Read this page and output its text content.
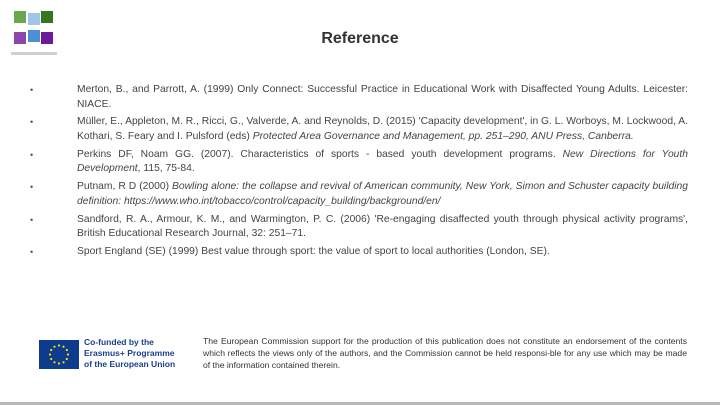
Reference
•	Merton, B., and Parrott, A. (1999) Only Connect: Successful Practice in Educational Work with Disaffected Young Adults. Leicester: NIACE.
•	Müller, E., Appleton, M. R., Ricci, G., Valverde, A. and Reynolds, D. (2015) 'Capacity development', in G. L. Worboys, M. Lockwood, A. Kothari, S. Feary and I. Pulsford (eds) Protected Area Governance and Management, pp. 251–290, ANU Press, Canberra.
•	Perkins DF, Noam GG. (2007). Characteristics of sports - based youth development programs. New Directions for Youth Development, 115, 75-84.
•	Putnam, R D (2000) Bowling alone: the collapse and revival of American community, New York, Simon and Schuster capacity building definition: https://www.who.int/tobacco/control/capacity_building/background/en/
•	Sandford, R. A., Armour, K. M., and Warmington, P. C. (2006) 'Re-engaging disaffected youth through physical activity programs', British Educational Research Journal, 32: 251–71.
•	Sport England (SE) (1999) Best value through sport: the value of sport to local authorities (London, SE).
Co-funded by the
Erasmus+ Programme
of the European Union
The European Commission support for the production of this publication does not constitute an endorsement of the contents which reflects the views only of the authors, and the Commission cannot be held responsi-ble for any use which may be made of the information contained therein.
